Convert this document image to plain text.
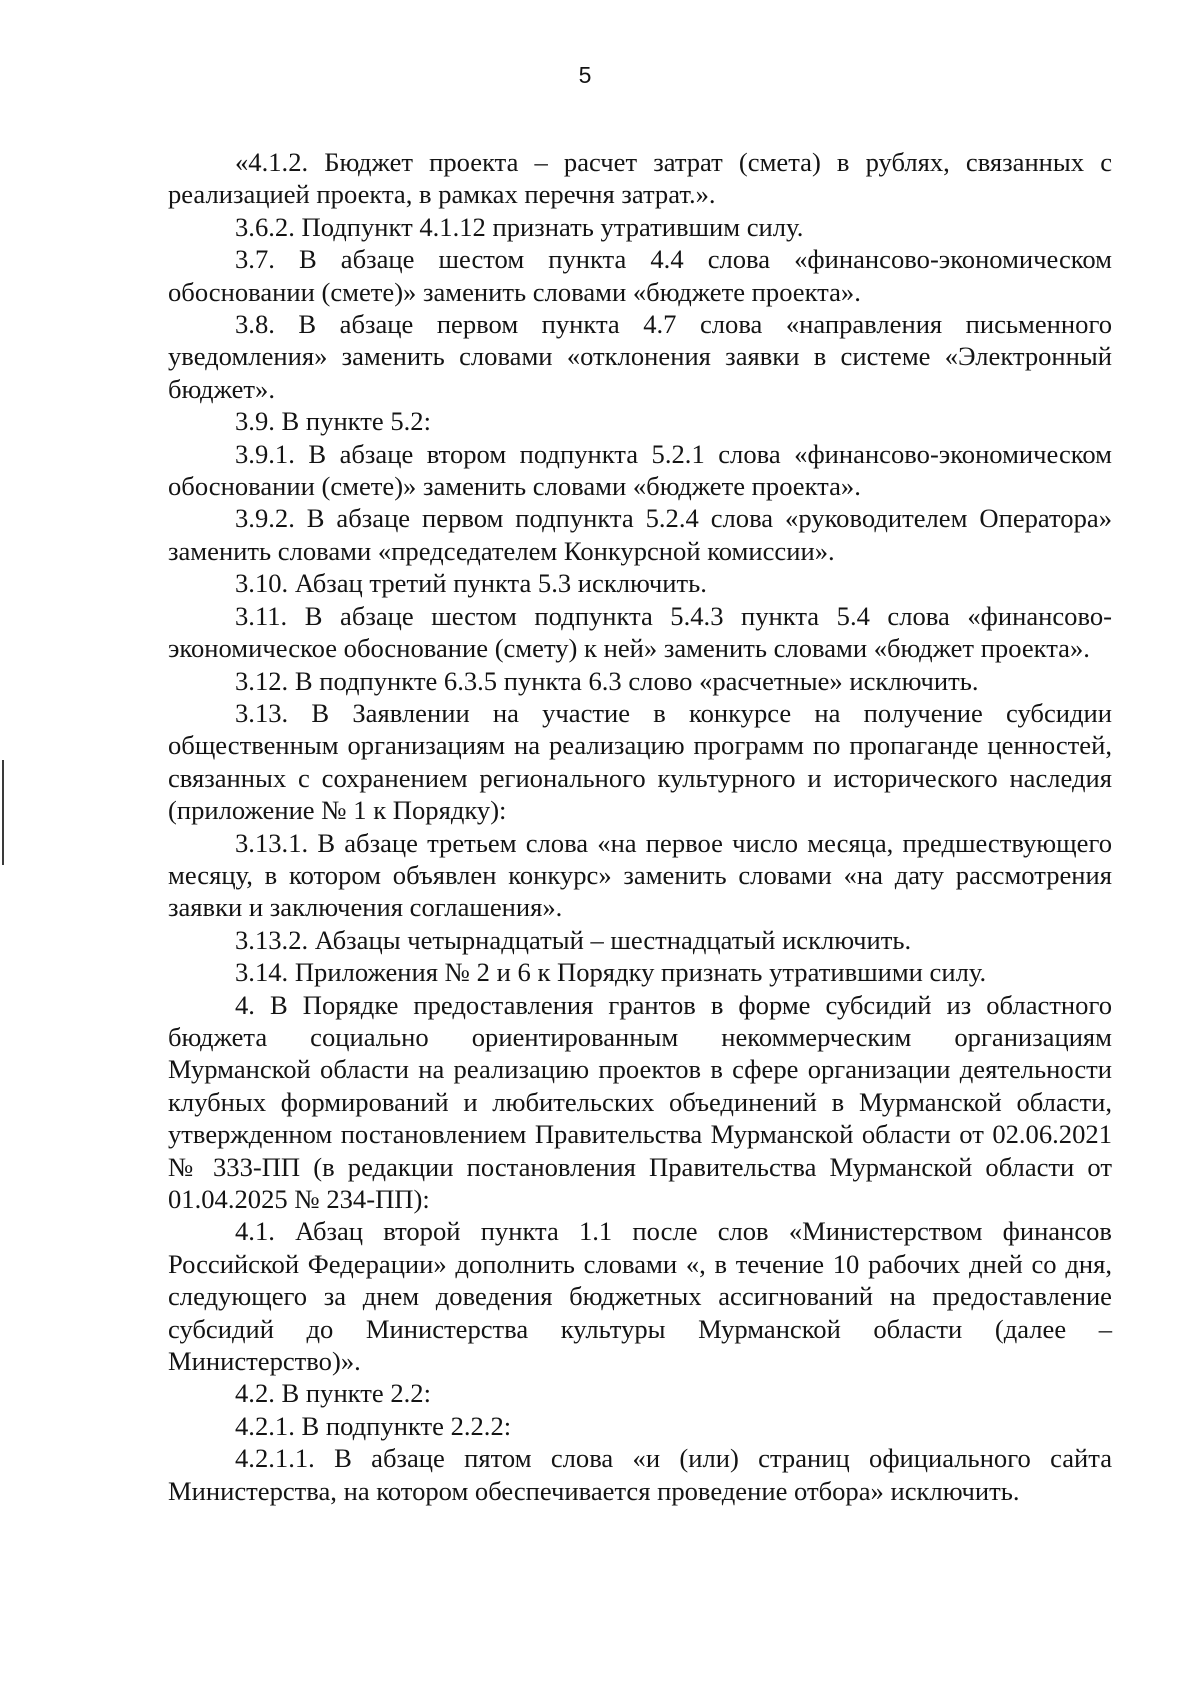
5

«4.1.2. Бюджет проекта – расчет затрат (смета) в рублях, связанных с реализацией проекта, в рамках перечня затрат.».

3.6.2. Подпункт 4.1.12 признать утратившим силу.

3.7. В абзаце шестом пункта 4.4 слова «финансово-экономическом обосновании (смете)» заменить словами «бюджете проекта».

3.8. В абзаце первом пункта 4.7 слова «направления письменного уведомления» заменить словами «отклонения заявки в системе «Электронный бюджет».

3.9. В пункте 5.2:

3.9.1. В абзаце втором подпункта 5.2.1 слова «финансово-экономическом обосновании (смете)» заменить словами «бюджете проекта».

3.9.2. В абзаце первом подпункта 5.2.4 слова «руководителем Оператора» заменить словами «председателем Конкурсной комиссии».

3.10. Абзац третий пункта 5.3 исключить.

3.11. В абзаце шестом подпункта 5.4.3 пункта 5.4 слова «финансово-экономическое обоснование (смету) к ней» заменить словами «бюджет проекта».

3.12. В подпункте 6.3.5 пункта 6.3 слово «расчетные» исключить.

3.13. В Заявлении на участие в конкурсе на получение субсидии общественным организациям на реализацию программ по пропаганде ценностей, связанных с сохранением регионального культурного и исторического наследия (приложение № 1 к Порядку):

3.13.1. В абзаце третьем слова «на первое число месяца, предшествующего месяцу, в котором объявлен конкурс» заменить словами «на дату рассмотрения заявки и заключения соглашения».

3.13.2. Абзацы четырнадцатый – шестнадцатый исключить.

3.14. Приложения № 2 и 6 к Порядку признать утратившими силу.

4. В Порядке предоставления грантов в форме субсидий из областного бюджета социально ориентированным некоммерческим организациям Мурманской области на реализацию проектов в сфере организации деятельности клубных формирований и любительских объединений в Мурманской области, утвержденном постановлением Правительства Мурманской области от 02.06.2021 № 333-ПП (в редакции постановления Правительства Мурманской области от 01.04.2025 № 234-ПП):

4.1. Абзац второй пункта 1.1 после слов «Министерством финансов Российской Федерации» дополнить словами «, в течение 10 рабочих дней со дня, следующего за днем доведения бюджетных ассигнований на предоставление субсидий до Министерства культуры Мурманской области (далее – Министерство)».

4.2. В пункте 2.2:

4.2.1. В подпункте 2.2.2:

4.2.1.1. В абзаце пятом слова «и (или) страниц официального сайта Министерства, на котором обеспечивается проведение отбора» исключить.
